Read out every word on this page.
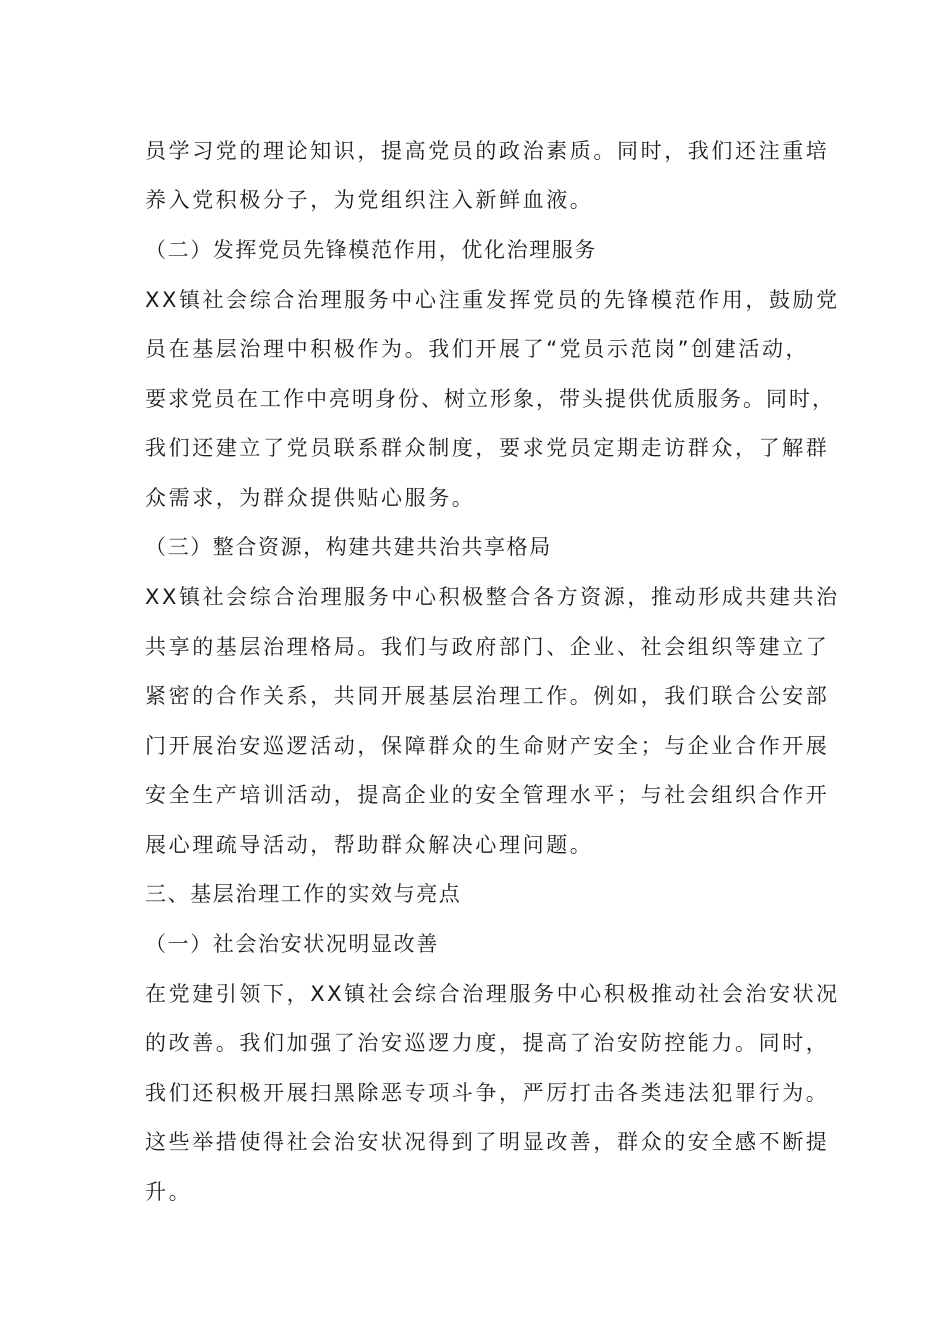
员学习党的理论知识，提高党员的政治素质。同时，我们还注重培
养入党积极分子，为党组织注入新鲜血液。
（二）发挥党员先锋模范作用，优化治理服务
XX镇社会综合治理服务中心注重发挥党员的先锋模范作用，鼓励党
员在基层治理中积极作为。我们开展了“党员示范岗”创建活动，
要求党员在工作中亮明身份、树立形象，带头提供优质服务。同时，
我们还建立了党员联系群众制度，要求党员定期走访群众，了解群
众需求，为群众提供贴心服务。
（三）整合资源，构建共建共治共享格局
XX镇社会综合治理服务中心积极整合各方资源，推动形成共建共治
共享的基层治理格局。我们与政府部门、企业、社会组织等建立了
紧密的合作关系，共同开展基层治理工作。例如，我们联合公安部
门开展治安巡逻活动，保障群众的生命财产安全；与企业合作开展
安全生产培训活动，提高企业的安全管理水平；与社会组织合作开
展心理疏导活动，帮助群众解决心理问题。
三、基层治理工作的实效与亮点
（一）社会治安状况明显改善
在党建引领下，XX镇社会综合治理服务中心积极推动社会治安状况
的改善。我们加强了治安巡逻力度，提高了治安防控能力。同时，
我们还积极开展扫黑除恶专项斗争，严厉打击各类违法犯罪行为。
这些举措使得社会治安状况得到了明显改善，群众的安全感不断提
升。
